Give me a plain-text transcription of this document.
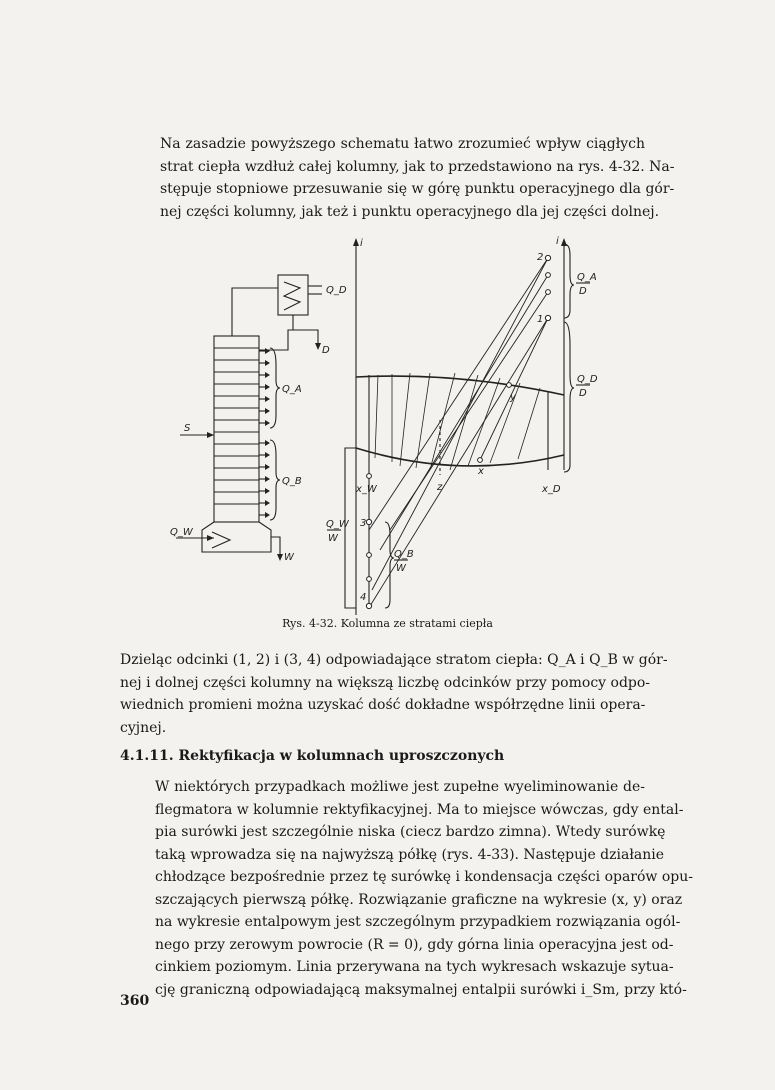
Na zasadzie powyższego schematu łatwo zrozumieć wpływ ciągłych
strat ciepła wzdłuż całej kolumny, jak to przedstawiono na rys. 4-32. Na-
stępuje stopniowe przesuwanie się w górę punktu operacyjnego dla gór-
nej części kolumny, jak też i punktu operacyjnego dla jej części dolnej.

i	i
Q_D
D
Q_A
S
Q_B
Q_W
W
2
1
3
4
y
x
x_W	z	x_D
Q_A
D
Q_D
D
Q_W
W
Q_B
W
Rys. 4-32. Kolumna ze stratami ciepła

Dzieląc odcinki (1, 2) i (3, 4) odpowiadające stratom ciepła: Q_A i Q_B w gór-
nej i dolnej części kolumny na większą liczbę odcinków przy pomocy odpo-
wiednich promieni można uzyskać dość dokładne współrzędne linii opera-
cyjnej.

4.1.11. Rektyfikacja w kolumnach uproszczonych

W niektórych przypadkach możliwe jest zupełne wyeliminowanie de-
flegmatora w kolumnie rektyfikacyjnej. Ma to miejsce wówczas, gdy ental-
pia surówki jest szczególnie niska (ciecz bardzo zimna). Wtedy surówkę
taką wprowadza się na najwyższą półkę (rys. 4-33). Następuje działanie
chłodzące bezpośrednie przez tę surówkę i kondensacja części oparów opu-
szczających pierwszą półkę. Rozwiązanie graficzne na wykresie (x, y) oraz
na wykresie entalpowym jest szczególnym przypadkiem rozwiązania ogól-
nego przy zerowym powrocie (R = 0), gdy górna linia operacyjna jest od-
cinkiem poziomym. Linia przerywana na tych wykresach wskazuje sytua-
cję graniczną odpowiadającą maksymalnej entalpii surówki i_Sm, przy któ-

360
